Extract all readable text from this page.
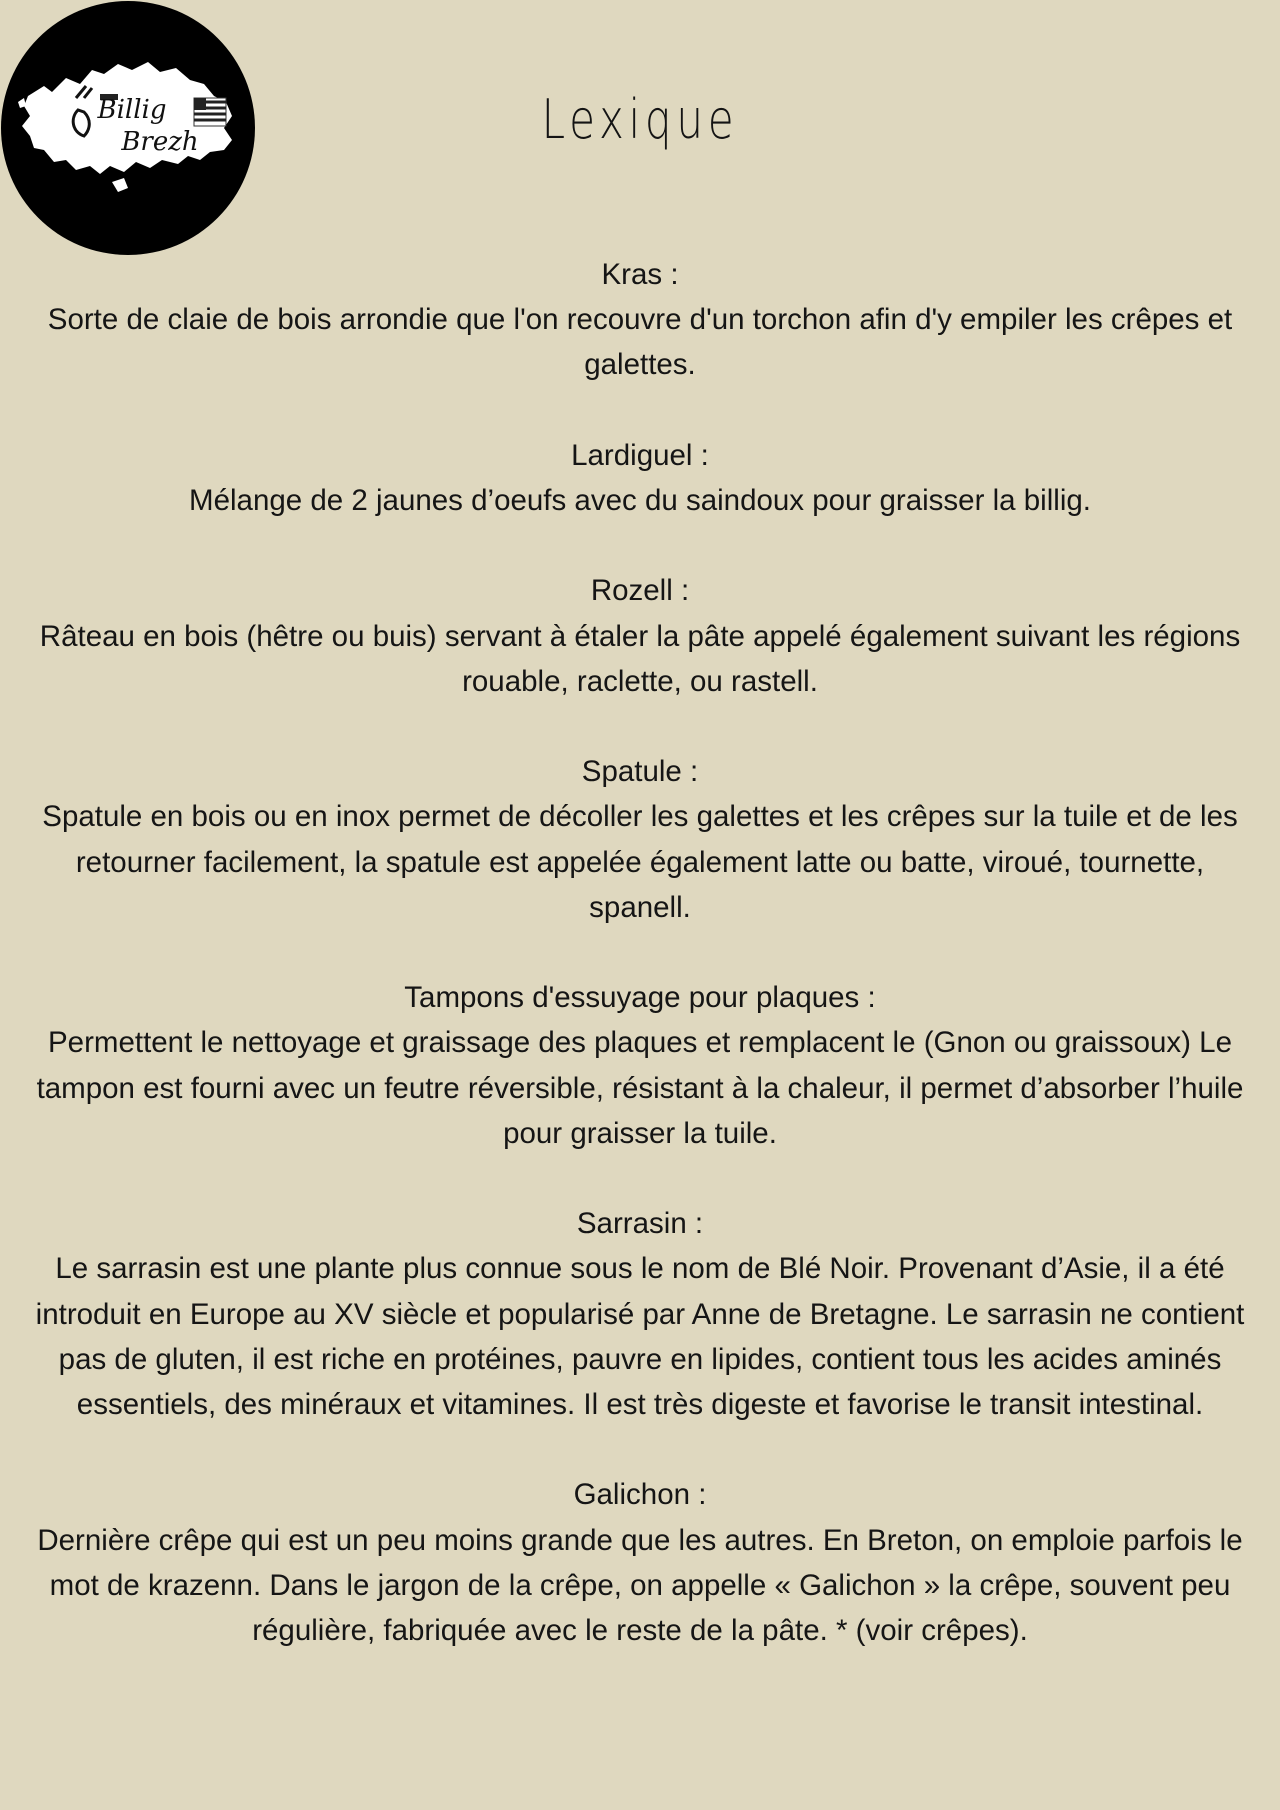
Billig
Brezh	Lexique
Kras :
Sorte de claie de bois arrondie que l'on recouvre d'un torchon afin d'y empiler les crêpes et galettes.
Lardiguel :
Mélange de 2 jaunes d’oeufs avec du saindoux pour graisser la billig.
Rozell :
Râteau en bois (hêtre ou buis) servant à étaler la pâte appelé également suivant les régions rouable, raclette, ou rastell.
Spatule :
Spatule en bois ou en inox permet de décoller les galettes et les crêpes sur la tuile et de les retourner facilement, la spatule est appelée également latte ou batte, viroué, tournette, spanell.
Tampons d'essuyage pour plaques :
Permettent le nettoyage et graissage des plaques et remplacent le (Gnon ou graissoux) Le tampon est fourni avec un feutre réversible, résistant à la chaleur, il permet d’absorber l’huile pour graisser la tuile.
Sarrasin :
Le sarrasin est une plante plus connue sous le nom de Blé Noir. Provenant d’Asie, il a été introduit en Europe au XV siècle et popularisé par Anne de Bretagne. Le sarrasin ne contient pas de gluten, il est riche en protéines, pauvre en lipides, contient tous les acides aminés essentiels, des minéraux et vitamines. Il est très digeste et favorise le transit intestinal.
Galichon :
Dernière crêpe qui est un peu moins grande que les autres. En Breton, on emploie parfois le mot de krazenn. Dans le jargon de la crêpe, on appelle « Galichon » la crêpe, souvent peu régulière, fabriquée avec le reste de la pâte. * (voir crêpes).
